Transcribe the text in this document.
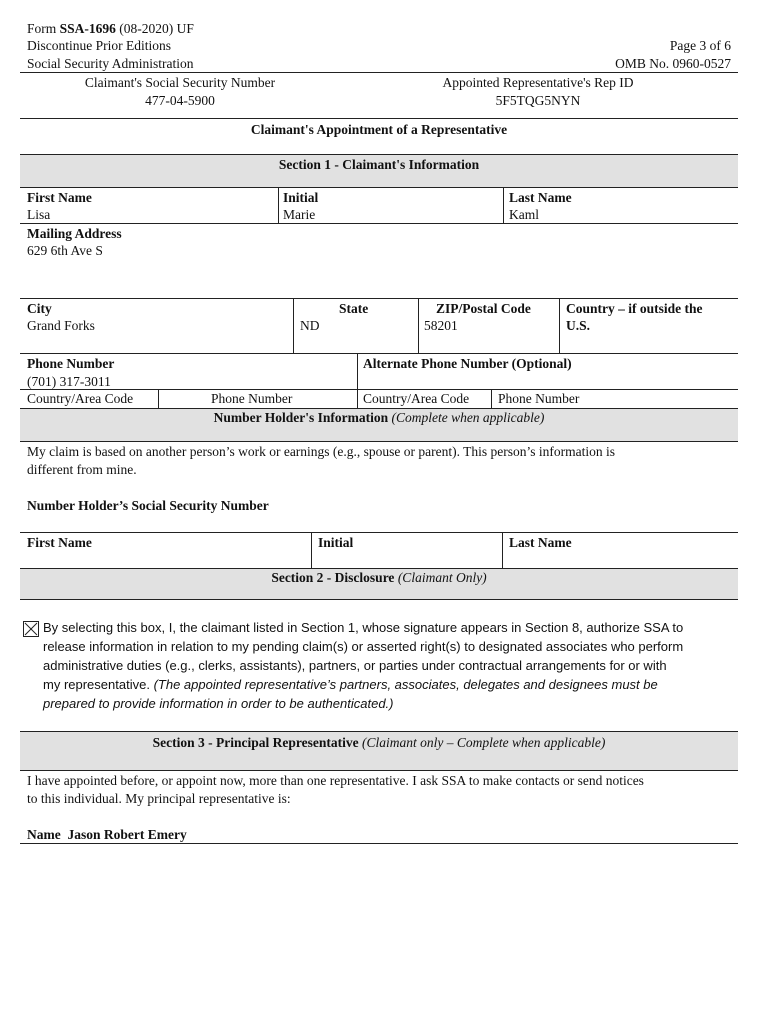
Form SSA-1696 (08-2020) UF
Discontinue Prior Editions
Social Security Administration
Page 3 of 6
OMB No. 0960-0527
Claimant's Social Security Number
477-04-5900
Appointed Representative's Rep ID
5F5TQG5NYN
Claimant's Appointment of a Representative
Section 1 - Claimant's Information
First Name
Lisa
Initial
Marie
Last Name
Kaml
Mailing Address
629 6th Ave S
City
Grand Forks
State
ND
ZIP/Postal Code
58201
Country – if outside the
U.S.
Phone Number
(701) 317-3011
Alternate Phone Number (Optional)
Country/Area Code	Phone Number	Country/Area Code Phone Number
Number Holder's Information (Complete when applicable)
My claim is based on another person’s work or earnings (e.g., spouse or parent). This person’s information is
different from mine.
Number Holder’s Social Security Number
First Name	Initial	Last Name
Section 2 - Disclosure (Claimant Only)
By selecting this box, I, the claimant listed in Section 1, whose signature appears in Section 8, authorize SSA to
release information in relation to my pending claim(s) or asserted right(s) to designated associates who perform
administrative duties (e.g., clerks, assistants), partners, or parties under contractual arrangements for or with
my representative. (The appointed representative’s partners, associates, delegates and designees must be
prepared to provide information in order to be authenticated.)
Section 3 - Principal Representative (Claimant only – Complete when applicable)
I have appointed before, or appoint now, more than one representative. I ask SSA to make contacts or send notices
to this individual. My principal representative is:
Name Jason Robert Emery
